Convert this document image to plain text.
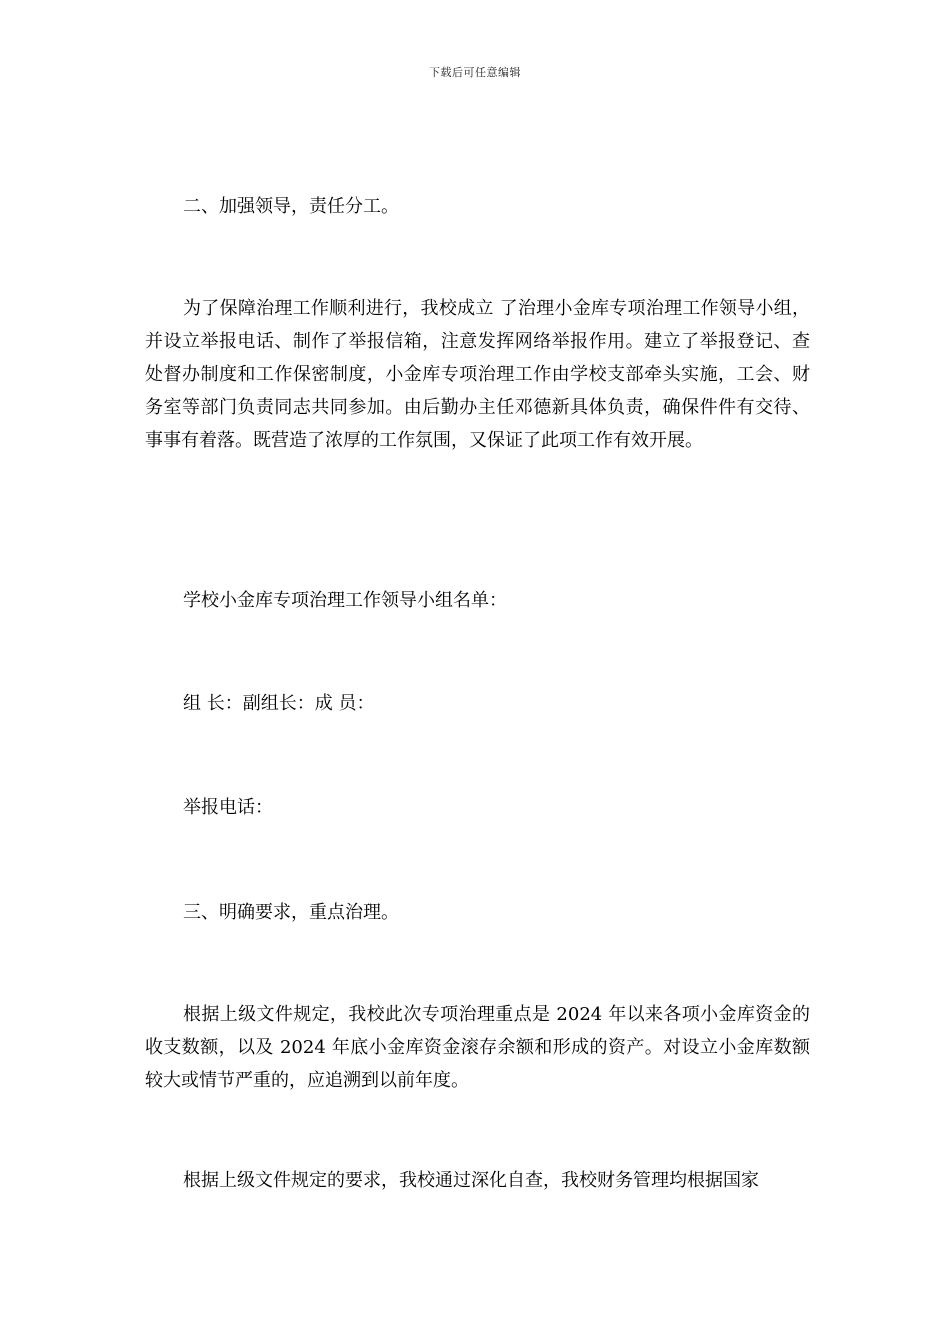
下载后可任意编辑

二、加强领导，责任分工。

为了保障治理工作顺利进行，我校成立 了治理小金库专项治理工作领导小组，并设立举报电话、制作了举报信箱，注意发挥网络举报作用。建立了举报登记、查处督办制度和工作保密制度，小金库专项治理工作由学校支部牵头实施，工会、财务室等部门负责同志共同参加。由后勤办主任邓德新具体负责，确保件件有交待、事事有着落。既营造了浓厚的工作氛围，又保证了此项工作有效开展。

学校小金库专项治理工作领导小组名单：

组 长：副组长：成 员：

举报电话：

三、明确要求，重点治理。

根据上级文件规定，我校此次专项治理重点是 2024 年以来各项小金库资金的收支数额，以及 2024 年底小金库资金滚存余额和形成的资产。对设立小金库数额较大或情节严重的，应追溯到以前年度。

根据上级文件规定的要求，我校通过深化自查，我校财务管理均根据国家
